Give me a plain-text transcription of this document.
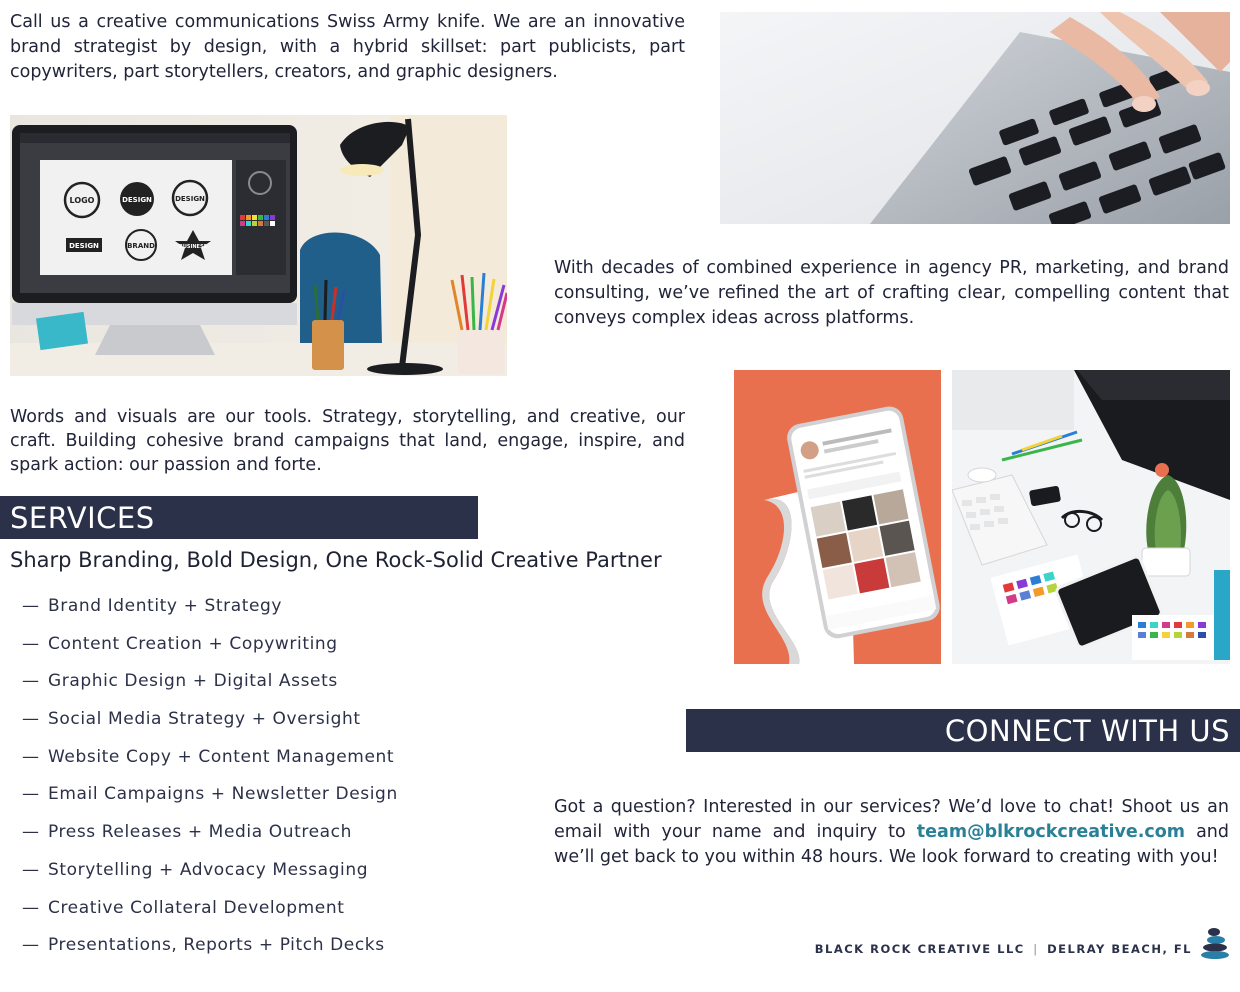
Call us a creative communications Swiss Army knife. We are an innovative brand strategist by design, with a hybrid skillset: part publicists, part copywriters, part storytellers, creators, and graphic designers.

LOGO	DESIGN	DESIGN
DESIGN	BRAND	BUSINESS

With decades of combined experience in agency PR, marketing, and brand consulting, we’ve refined the art of crafting clear, compelling content that conveys complex ideas across platforms.

Words and visuals are our tools. Strategy, storytelling, and creative, our craft. Building cohesive brand campaigns that land, engage, inspire, and spark action: our passion and forte.

SERVICES
Sharp Branding, Bold Design, One Rock-Solid Creative Partner
— Brand Identity + Strategy
— Content Creation + Copywriting
— Graphic Design + Digital Assets
— Social Media Strategy + Oversight
— Website Copy + Content Management
— Email Campaigns + Newsletter Design
— Press Releases + Media Outreach
— Storytelling + Advocacy Messaging
— Creative Collateral Development
— Presentations, Reports + Pitch Decks
CONNECT WITH US

Got a question? Interested in our services? We’d love to chat! Shoot us an email with your name and inquiry to team@blkrockcreative.com and we’ll get back to you within 48 hours. We look forward to creating with you!

BLACK ROCK CREATIVE LLC | DELRAY BEACH, FL
